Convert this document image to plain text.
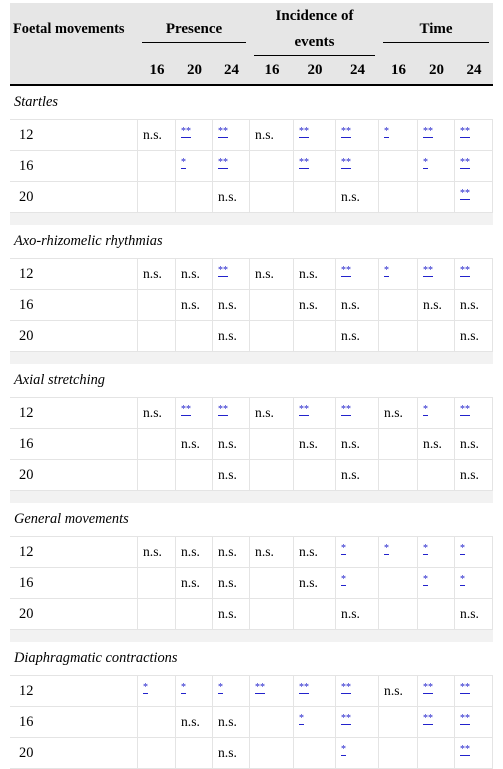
Foetal movements	Presence			Incidence of events			Time		

	16	20	24	16	20	24	16	20	24
Startles									
12	n.s.	**	**	n.s.	**	**	*	**	**
16		*	**		**	**		*	**
20			n.s.			n.s.			**

Axo-rhizomelic rhythmias									
12	n.s.	n.s.	**	n.s.	n.s.	**	*	**	**
16		n.s.	n.s.		n.s.	n.s.		n.s.	n.s.
20			n.s.			n.s.			n.s.

Axial stretching									
12	n.s.	**	**	n.s.	**	**	n.s.	*	**
16		n.s.	n.s.		n.s.	n.s.		n.s.	n.s.
20			n.s.			n.s.			n.s.

General movements									
12	n.s.	n.s.	n.s.	n.s.	n.s.	*	*	*	*
16		n.s.	n.s.		n.s.	*		*	*
20			n.s.			n.s.			n.s.

Diaphragmatic contractions									
12	*	*	*	**	**	**	n.s.	**	**
16		n.s.	n.s.		*	**		**	**
20			n.s.			*			**
